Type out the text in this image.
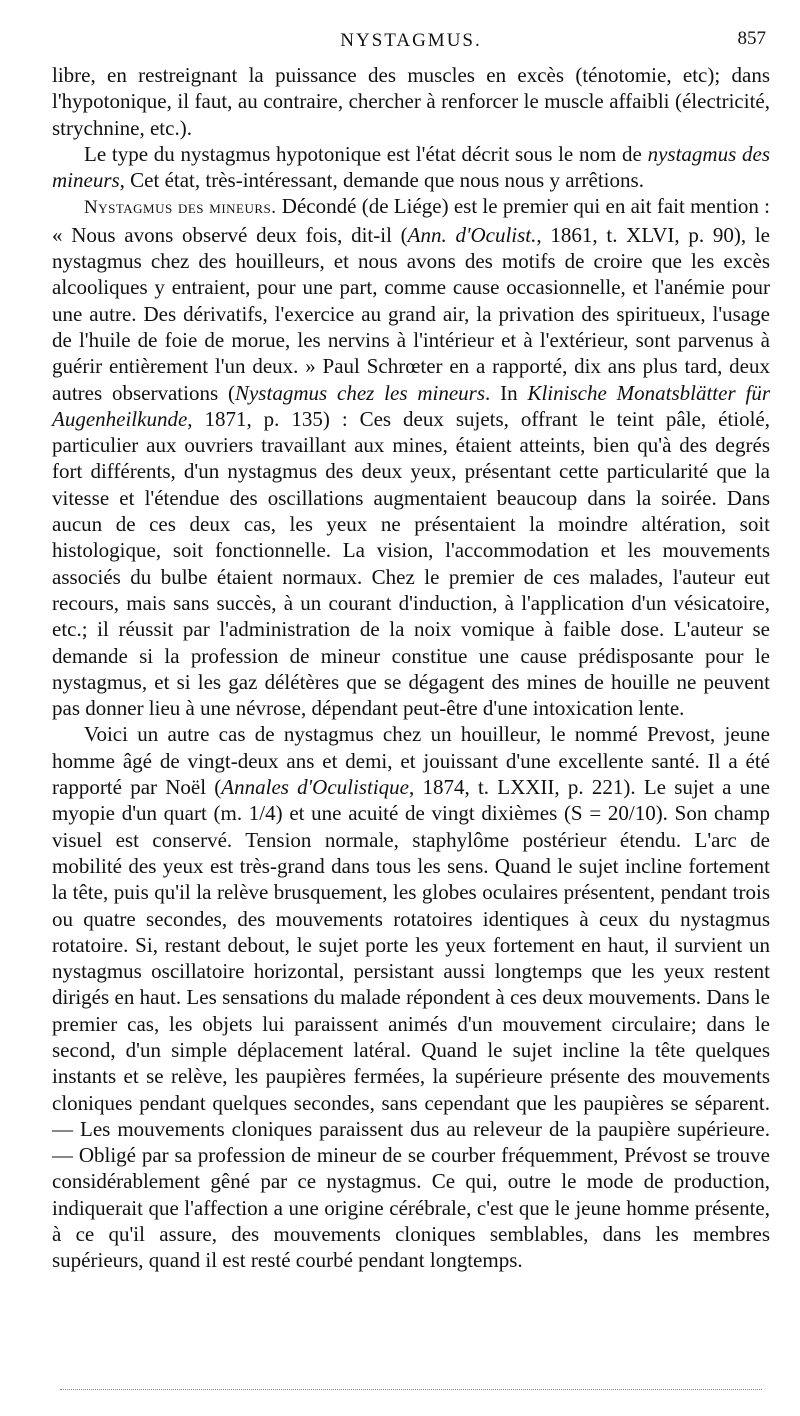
NYSTAGMUS.	857

libre, en restreignant la puissance des muscles en excès (ténotomie, etc); dans l'hypotonique, il faut, au contraire, chercher à renforcer le muscle affaibli (électricité, strychnine, etc.).

Le type du nystagmus hypotonique est l'état décrit sous le nom de nystagmus des mineurs, Cet état, très-intéressant, demande que nous nous y arrêtions.

Nystagmus des mineurs. Décondé (de Liége) est le premier qui en ait fait mention : « Nous avons observé deux fois, dit-il (Ann. d'Oculist., 1861, t. XLVI, p. 90), le nystagmus chez des houilleurs, et nous avons des motifs de croire que les excès alcooliques y entraient, pour une part, comme cause occasionnelle, et l'anémie pour une autre. Des dérivatifs, l'exercice au grand air, la privation des spiritueux, l'usage de l'huile de foie de morue, les nervins à l'intérieur et à l'extérieur, sont parvenus à guérir entièrement l'un deux. » Paul Schrœter en a rapporté, dix ans plus tard, deux autres observations (Nystagmus chez les mineurs. In Klinische Monatsblätter für Augenheilkunde, 1871, p. 135) : Ces deux sujets, offrant le teint pâle, étiolé, particulier aux ouvriers travaillant aux mines, étaient atteints, bien qu'à des degrés fort différents, d'un nystagmus des deux yeux, présentant cette particularité que la vitesse et l'étendue des oscillations augmentaient beaucoup dans la soirée. Dans aucun de ces deux cas, les yeux ne présentaient la moindre altération, soit histologique, soit fonctionnelle. La vision, l'accommodation et les mouvements associés du bulbe étaient normaux. Chez le premier de ces malades, l'auteur eut recours, mais sans succès, à un courant d'induction, à l'application d'un vésicatoire, etc.; il réussit par l'administration de la noix vomique à faible dose. L'auteur se demande si la profession de mineur constitue une cause prédisposante pour le nystagmus, et si les gaz délétères que se dégagent des mines de houille ne peuvent pas donner lieu à une névrose, dépendant peut-être d'une intoxication lente.

Voici un autre cas de nystagmus chez un houilleur, le nommé Prevost, jeune homme âgé de vingt-deux ans et demi, et jouissant d'une excellente santé. Il a été rapporté par Noël (Annales d'Oculistique, 1874, t. LXXII, p. 221). Le sujet a une myopie d'un quart (m. 1/4) et une acuité de vingt dixièmes (S = 20/10). Son champ visuel est conservé. Tension normale, staphylôme postérieur étendu. L'arc de mobilité des yeux est très-grand dans tous les sens. Quand le sujet incline fortement la tête, puis qu'il la relève brusquement, les globes oculaires présentent, pendant trois ou quatre secondes, des mouvements rotatoires identiques à ceux du nystagmus rotatoire. Si, restant debout, le sujet porte les yeux fortement en haut, il survient un nystagmus oscillatoire horizontal, persistant aussi longtemps que les yeux restent dirigés en haut. Les sensations du malade répondent à ces deux mouvements. Dans le premier cas, les objets lui paraissent animés d'un mouvement circulaire; dans le second, d'un simple déplacement latéral. Quand le sujet incline la tête quelques instants et se relève, les paupières fermées, la supérieure présente des mouvements cloniques pendant quelques secondes, sans cependant que les paupières se séparent. — Les mouvements cloniques paraissent dus au releveur de la paupière supérieure. — Obligé par sa profession de mineur de se courber fréquemment, Prévost se trouve considérablement gêné par ce nystagmus. Ce qui, outre le mode de production, indiquerait que l'affection a une origine cérébrale, c'est que le jeune homme présente, à ce qu'il assure, des mouvements cloniques semblables, dans les membres supérieurs, quand il est resté courbé pendant longtemps.
